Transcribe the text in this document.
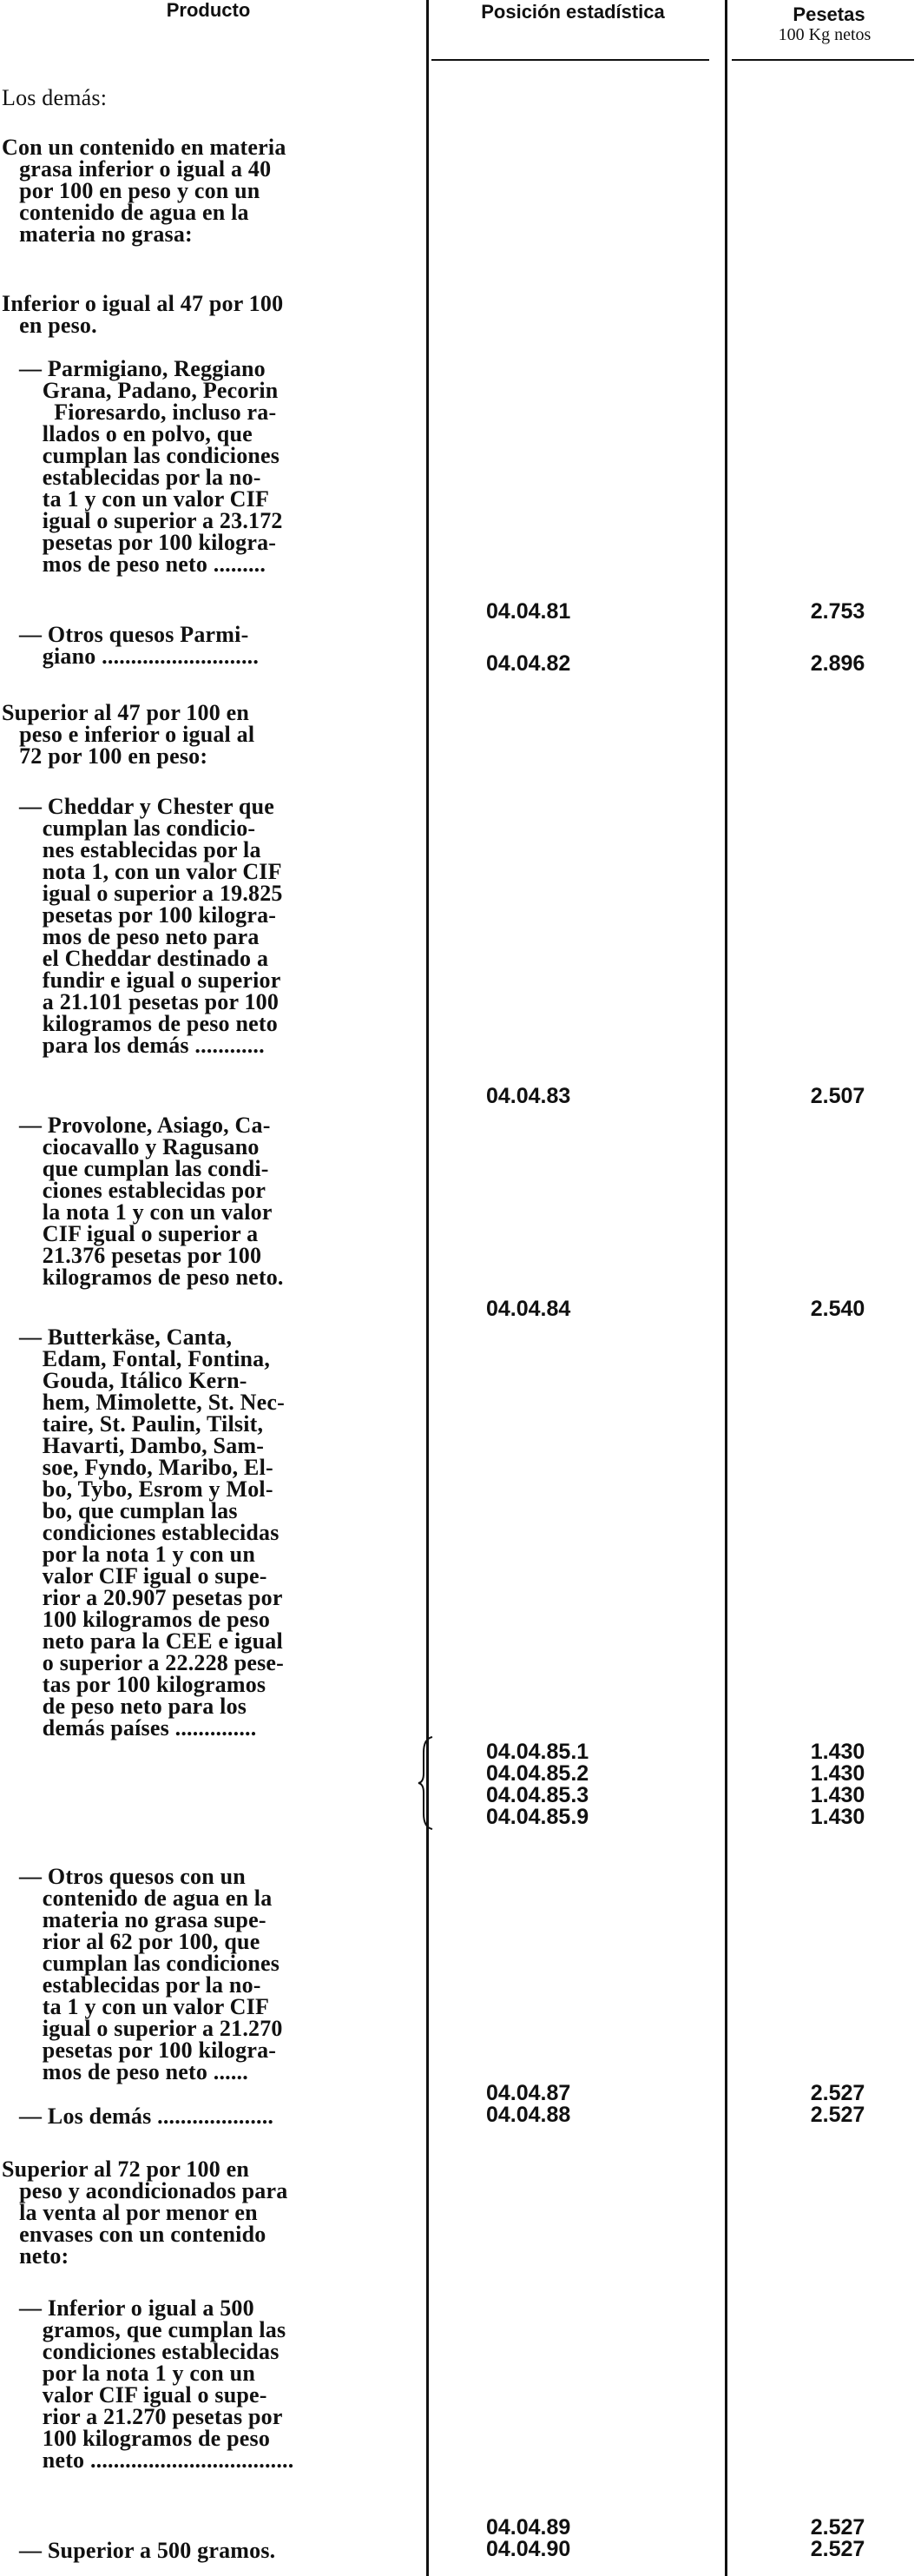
Producto	Posición estadística	Pesetas
100 Kg netos
Los demás:
Con un contenido en materia
grasa inferior o igual a 40
por 100 en peso y con un
contenido de agua en la
materia no grasa:
Inferior o igual al 47 por 100
en peso.
— Parmigiano, Reggiano
Grana, Padano, Pecorin
Fioresardo, incluso ra-
llados o en polvo, que
cumplan las condiciones
establecidas por la no-
ta 1 y con un valor CIF
igual o superior a 23.172
pesetas por 100 kilogra-
mos de peso neto .........
— Otros quesos Parmi-
giano ...........................
Superior al 47 por 100 en
peso e inferior o igual al
72 por 100 en peso:
— Cheddar y Chester que
cumplan las condicio-
nes establecidas por la
nota 1, con un valor CIF
igual o superior a 19.825
pesetas por 100 kilogra-
mos de peso neto para
el Cheddar destinado a
fundir e igual o superior
a 21.101 pesetas por 100
kilogramos de peso neto
para los demás ............
— Provolone, Asiago, Ca-
ciocavallo y Ragusano
que cumplan las condi-
ciones establecidas por
la nota 1 y con un valor
CIF igual o superior a
21.376 pesetas por 100
kilogramos de peso neto.
— Butterkäse, Canta,
Edam, Fontal, Fontina,
Gouda, Itálico Kern-
hem, Mimolette, St. Nec-
taire, St. Paulin, Tilsit,
Havarti, Dambo, Sam-
soe, Fyndo, Maribo, El-
bo, Tybo, Esrom y Mol-
bo, que cumplan las
condiciones establecidas
por la nota 1 y con un
valor CIF igual o supe-
rior a 20.907 pesetas por
100 kilogramos de peso
neto para la CEE e igual
o superior a 22.228 pese-
tas por 100 kilogramos
de peso neto para los
demás países ..............
— Otros quesos con un
contenido de agua en la
materia no grasa supe-
rior al 62 por 100, que
cumplan las condiciones
establecidas por la no-
ta 1 y con un valor CIF
igual o superior a 21.270
pesetas por 100 kilogra-
mos de peso neto ......
— Los demás ....................
Superior al 72 por 100 en
peso y acondicionados para
la venta al por menor en
envases con un contenido
neto:
— Inferior o igual a 500
gramos, que cumplan las
condiciones establecidas
por la nota 1 y con un
valor CIF igual o supe-
rior a 21.270 pesetas por
100 kilogramos de peso
neto ...................................
— Superior a 500 gramos.
04.04.81
04.04.82
04.04.83
04.04.84
04.04.85.1
04.04.85.2
04.04.85.3
04.04.85.9
04.04.87
04.04.88
04.04.89
04.04.90
2.753
2.896
2.507
2.540
1.430
1.430
1.430
1.430
2.527
2.527
2.527
2.527
